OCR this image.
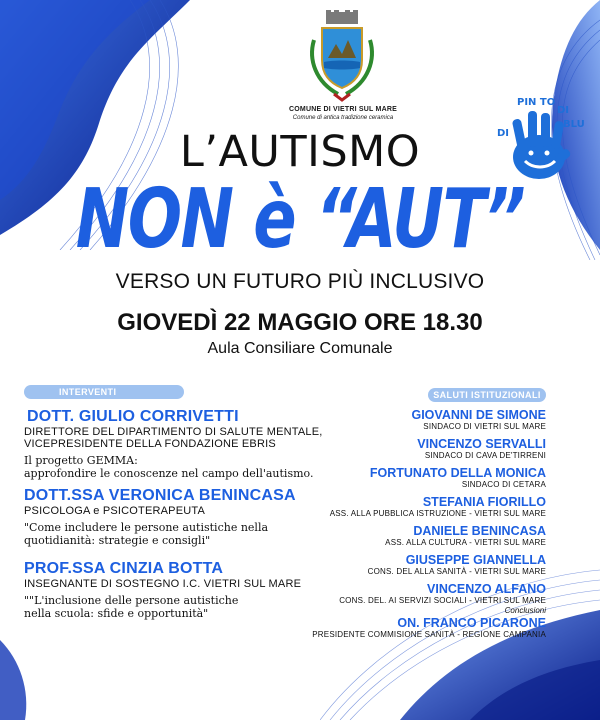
COMUNE DI VIETRI SUL MARE
Comune di antica tradizione ceramica
DI
PIN TO
DI
BLU
L’AUTISMO
NON è “AUT”
VERSO UN FUTURO PIÙ INCLUSIVO
GIOVEDÌ 22 MAGGIO ORE 18.30
Aula Consiliare Comunale
INTERVENTI	SALUTI ISTITUZIONALI
DOTT. GIULIO CORRIVETTI
DIRETTORE DEL DIPARTIMENTO DI SALUTE MENTALE,
VICEPRESIDENTE DELLA FONDAZIONE EBRIS
Il progetto GEMMA:
approfondire le conoscenze nel campo dell'autismo.
DOTT.SSA VERONICA BENINCASA
PSICOLOGA e PSICOTERAPEUTA
"Come includere le persone autistiche nella
quotidianità: strategie e consigli"
PROF.SSA CINZIA BOTTA
INSEGNANTE DI SOSTEGNO I.C. VIETRI SUL MARE
""L'inclusione delle persone autistiche
nella scuola: sfide e opportunità"
GIOVANNI DE SIMONE
SINDACO DI VIETRI SUL MARE
VINCENZO SERVALLI
SINDACO DI CAVA DE'TIRRENI
FORTUNATO DELLA MONICA
SINDACO DI CETARA
STEFANIA FIORILLO
ASS. ALLA PUBBLICA ISTRUZIONE - VIETRI SUL MARE
DANIELE BENINCASA
ASS. ALLA CULTURA - VIETRI SUL MARE
GIUSEPPE GIANNELLA
CONS. DEL ALLA SANITÀ - VIETRI SUL MARE
VINCENZO ALFANO
CONS. DEL. AI SERVIZI SOCIALI - VIETRI SUL MARE
Conclusioni
ON. FRANCO PICARONE
PRESIDENTE COMMISIONE SANITÀ - REGIONE CAMPANIA
